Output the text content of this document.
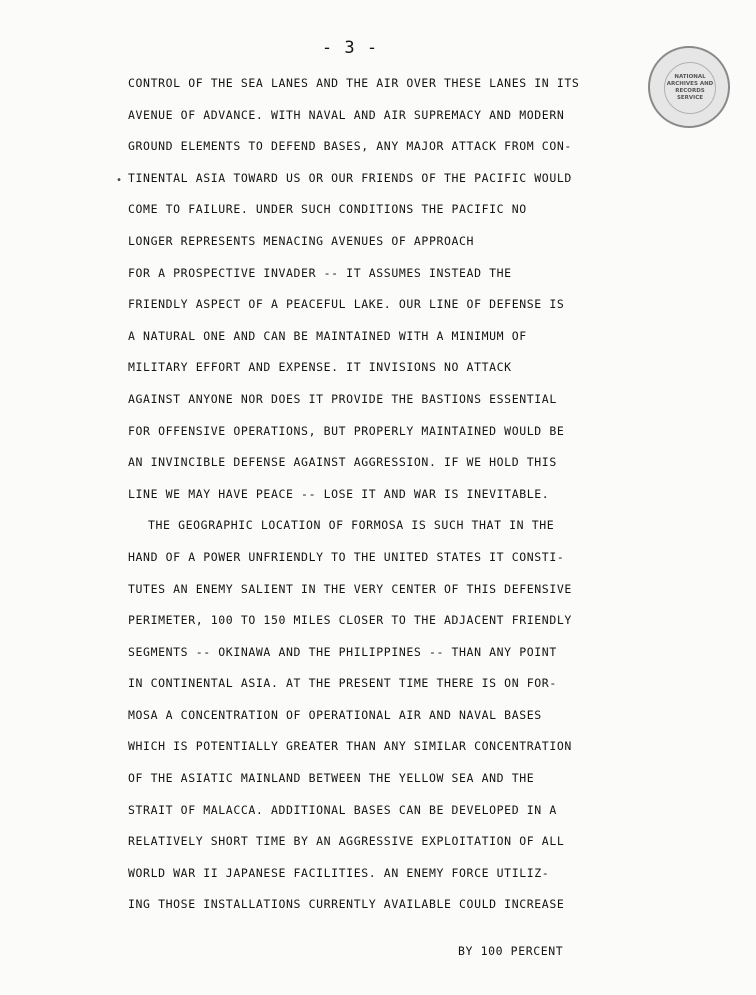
- 3 -
NATIONAL
ARCHIVES AND
RECORDS
SERVICE
•
CONTROL OF THE SEA LANES AND THE AIR OVER THESE LANES IN ITS
AVENUE OF ADVANCE. WITH NAVAL AND AIR SUPREMACY AND MODERN
GROUND ELEMENTS TO DEFEND BASES, ANY MAJOR ATTACK FROM CON-
TINENTAL ASIA TOWARD US OR OUR FRIENDS OF THE PACIFIC WOULD
COME TO FAILURE. UNDER SUCH CONDITIONS THE PACIFIC NO
LONGER REPRESENTS MENACING AVENUES OF APPROACH
FOR A PROSPECTIVE INVADER -- IT ASSUMES INSTEAD THE
FRIENDLY ASPECT OF A PEACEFUL LAKE. OUR LINE OF DEFENSE IS
A NATURAL ONE AND CAN BE MAINTAINED WITH A MINIMUM OF
MILITARY EFFORT AND EXPENSE. IT INVISIONS NO ATTACK
AGAINST ANYONE NOR DOES IT PROVIDE THE BASTIONS ESSENTIAL
FOR OFFENSIVE OPERATIONS, BUT PROPERLY MAINTAINED WOULD BE
AN INVINCIBLE DEFENSE AGAINST AGGRESSION. IF WE HOLD THIS
LINE WE MAY HAVE PEACE -- LOSE IT AND WAR IS INEVITABLE.
THE GEOGRAPHIC LOCATION OF FORMOSA IS SUCH THAT IN THE
HAND OF A POWER UNFRIENDLY TO THE UNITED STATES IT CONSTI-
TUTES AN ENEMY SALIENT IN THE VERY CENTER OF THIS DEFENSIVE
PERIMETER, 100 TO 150 MILES CLOSER TO THE ADJACENT FRIENDLY
SEGMENTS -- OKINAWA AND THE PHILIPPINES -- THAN ANY POINT
IN CONTINENTAL ASIA. AT THE PRESENT TIME THERE IS ON FOR-
MOSA A CONCENTRATION OF OPERATIONAL AIR AND NAVAL BASES
WHICH IS POTENTIALLY GREATER THAN ANY SIMILAR CONCENTRATION
OF THE ASIATIC MAINLAND BETWEEN THE YELLOW SEA AND THE
STRAIT OF MALACCA. ADDITIONAL BASES CAN BE DEVELOPED IN A
RELATIVELY SHORT TIME BY AN AGGRESSIVE EXPLOITATION OF ALL
WORLD WAR II JAPANESE FACILITIES. AN ENEMY FORCE UTILIZ-
ING THOSE INSTALLATIONS CURRENTLY AVAILABLE COULD INCREASE
BY 100 PERCENT
